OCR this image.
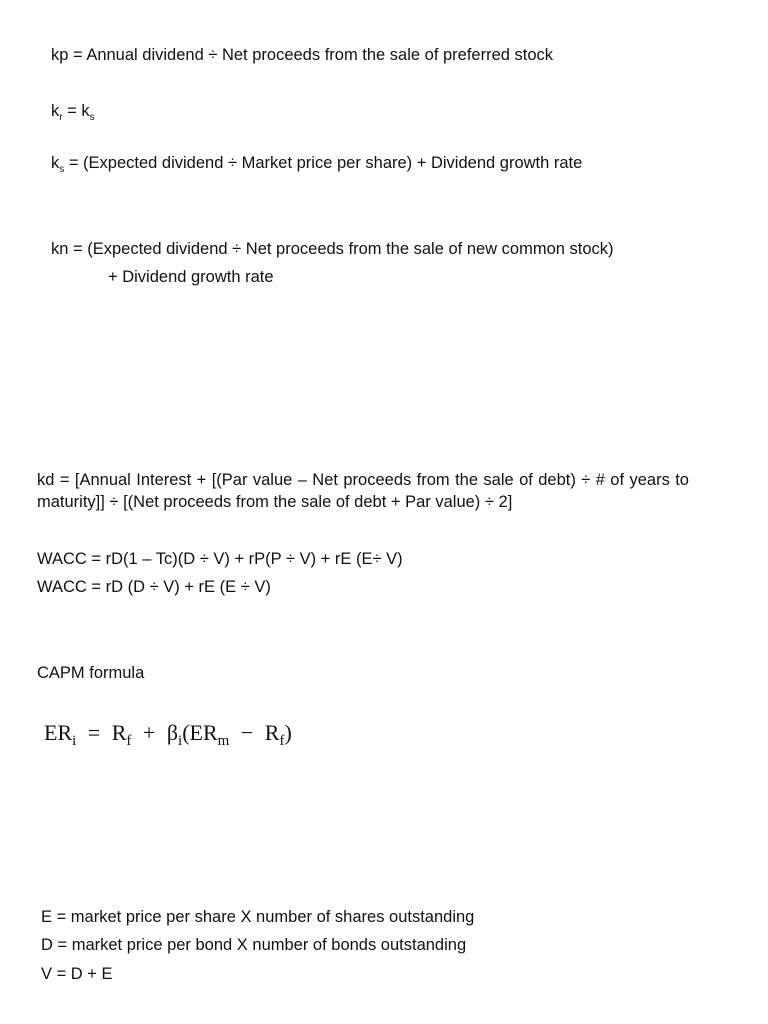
kp = Annual dividend ÷ Net proceeds from the sale of preferred stock
$k_r = k_s$
$k_s$ = (Expected dividend ÷ Market price per share) + Dividend growth rate
kn = (Expected dividend ÷ Net proceeds from the sale of new common stock)
+ Dividend growth rate
kd = [Annual Interest + [(Par value – Net proceeds from the sale of debt) ÷ # of years to maturity]] ÷ [(Net proceeds from the sale of debt + Par value) ÷ 2]
WACC = rD(1 – Tc)(D ÷ V) + rP(P ÷ V) + rE (E÷ V)
WACC = rD (D ÷ V) + rE (E ÷ V)
CAPM formula
$ER_i = R_f + \beta_i(ER_m - R_f)$
E = market price per share X number of shares outstanding
D = market price per bond X number of bonds outstanding
V = D + E
